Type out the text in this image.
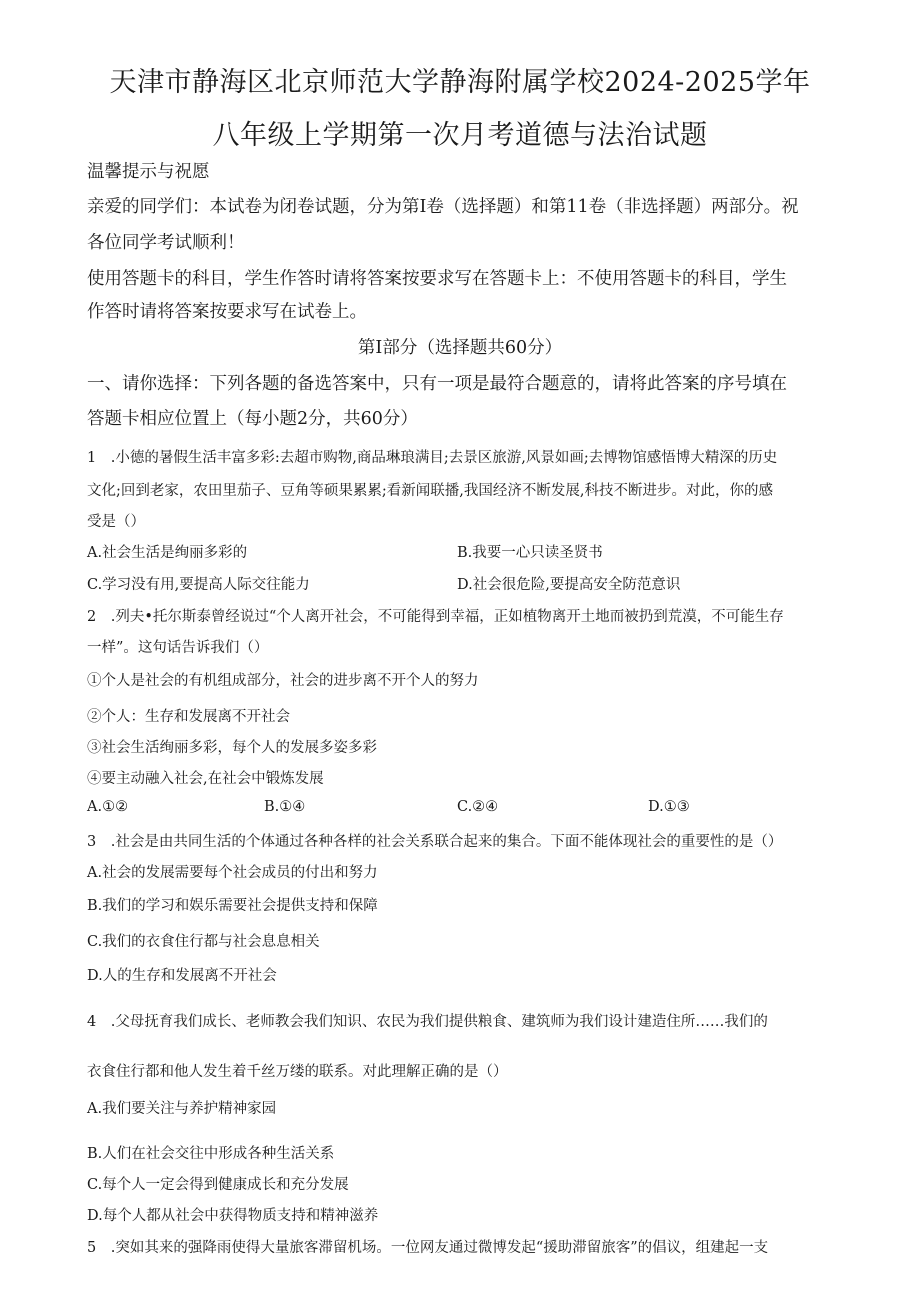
天津市静海区北京师范大学静海附属学校2024-2025学年
八年级上学期第一次月考道德与法治试题
温馨提示与祝愿
亲爱的同学们：本试卷为闭卷试题，分为第I卷（选择题）和第11卷（非选择题）两部分。祝
各位同学考试顺利！
使用答题卡的科目，学生作答时请将答案按要求写在答题卡上：不使用答题卡的科目，学生
作答时请将答案按要求写在试卷上。
第I部分（选择题共60分）
一、请你选择：下列各题的备选答案中，只有一项是最符合题意的，请将此答案的序号填在
答题卡相应位置上（每小题2分，共60分）
1　.小德的暑假生活丰富多彩:去超市购物,商品琳琅满目;去景区旅游,风景如画;去博物馆感悟博大精深的历史
文化;回到老家，农田里茄子、豆角等硕果累累;看新闻联播,我国经济不断发展,科技不断进步。对此，你的感
受是（）
A.社会生活是绚丽多彩的	B.我要一心只读圣贤书
C.学习没有用,要提高人际交往能力	D.社会很危险,要提高安全防范意识
2　.列夫•托尔斯泰曾经说过“个人离开社会，不可能得到幸福，正如植物离开土地而被扔到荒漠，不可能生存
一样”。这句话告诉我们（）
①个人是社会的有机组成部分，社会的进步离不开个人的努力
②个人：生存和发展离不开社会
③社会生活绚丽多彩，每个人的发展多姿多彩
④要主动融入社会,在社会中锻炼发展
A.①②	B.①④	C.②④	D.①③
3　.社会是由共同生活的个体通过各种各样的社会关系联合起来的集合。下面不能体现社会的重要性的是（）
A.社会的发展需要每个社会成员的付出和努力
B.我们的学习和娱乐需要社会提供支持和保障
C.我们的衣食住行都与社会息息相关
D.人的生存和发展离不开社会
4　.父母抚育我们成长、老师教会我们知识、农民为我们提供粮食、建筑师为我们设计建造住所……我们的
衣食住行都和他人发生着千丝万缕的联系。对此理解正确的是（）
A.我们要关注与养护精神家园
B.人们在社会交往中形成各种生活关系
C.每个人一定会得到健康成长和充分发展
D.每个人都从社会中获得物质支持和精神滋养
5　.突如其来的强降雨使得大量旅客滞留机场。一位网友通过微博发起“援助滞留旅客”的倡议，组建起一支
